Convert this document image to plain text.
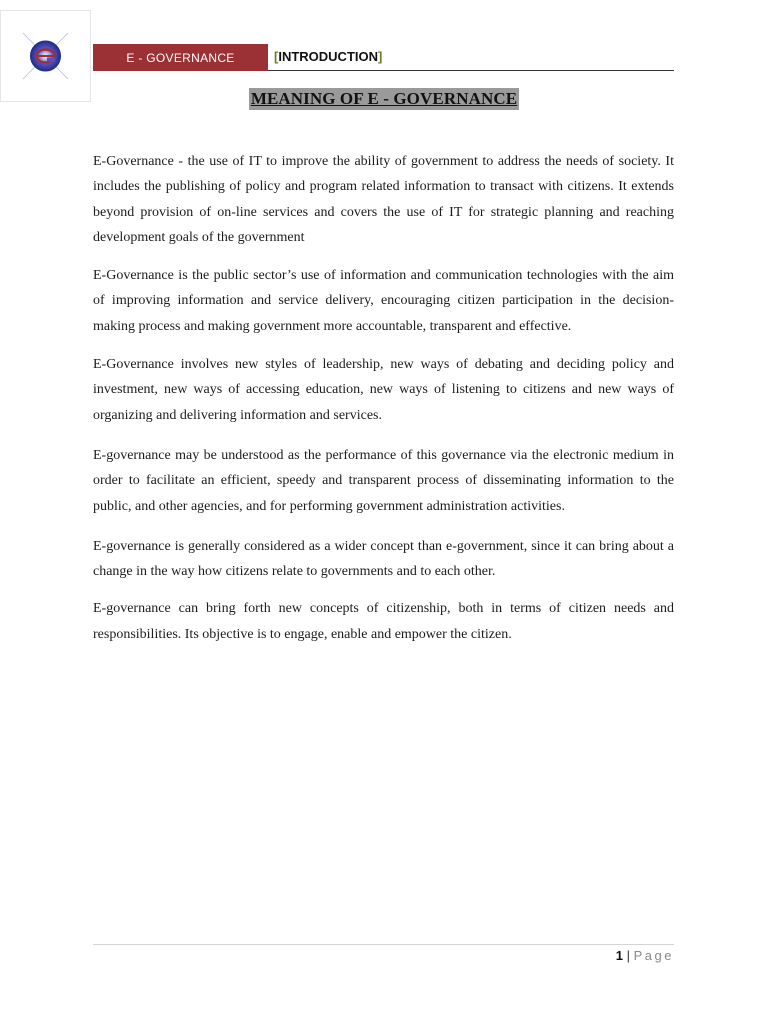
E - GOVERNANCE	[INTRODUCTION]
MEANING OF E - GOVERNANCE

E-Governance - the use of IT to improve the ability of government to address the needs of society. It includes the publishing of policy and program related information to transact with citizens. It extends beyond provision of on-line services and covers the use of IT for strategic planning and reaching development goals of the government

E-Governance is the public sector’s use of information and communication technologies with the aim of improving information and service delivery, encouraging citizen participation in the decision-making process and making government more accountable, transparent and effective.

E-Governance involves new styles of leadership, new ways of debating and deciding policy and investment, new ways of accessing education, new ways of listening to citizens and new ways of organizing and delivering information and services.

E-governance may be understood as the performance of this governance via the electronic medium in order to facilitate an efficient, speedy and transparent process of disseminating information to the public, and other agencies, and for performing government administration activities.

E-governance is generally considered as a wider concept than e-government, since it can bring about a change in the way how citizens relate to governments and to each other.

E-governance can bring forth new concepts of citizenship, both in terms of citizen needs and responsibilities. Its objective is to engage, enable and empower the citizen.

1 | Page
